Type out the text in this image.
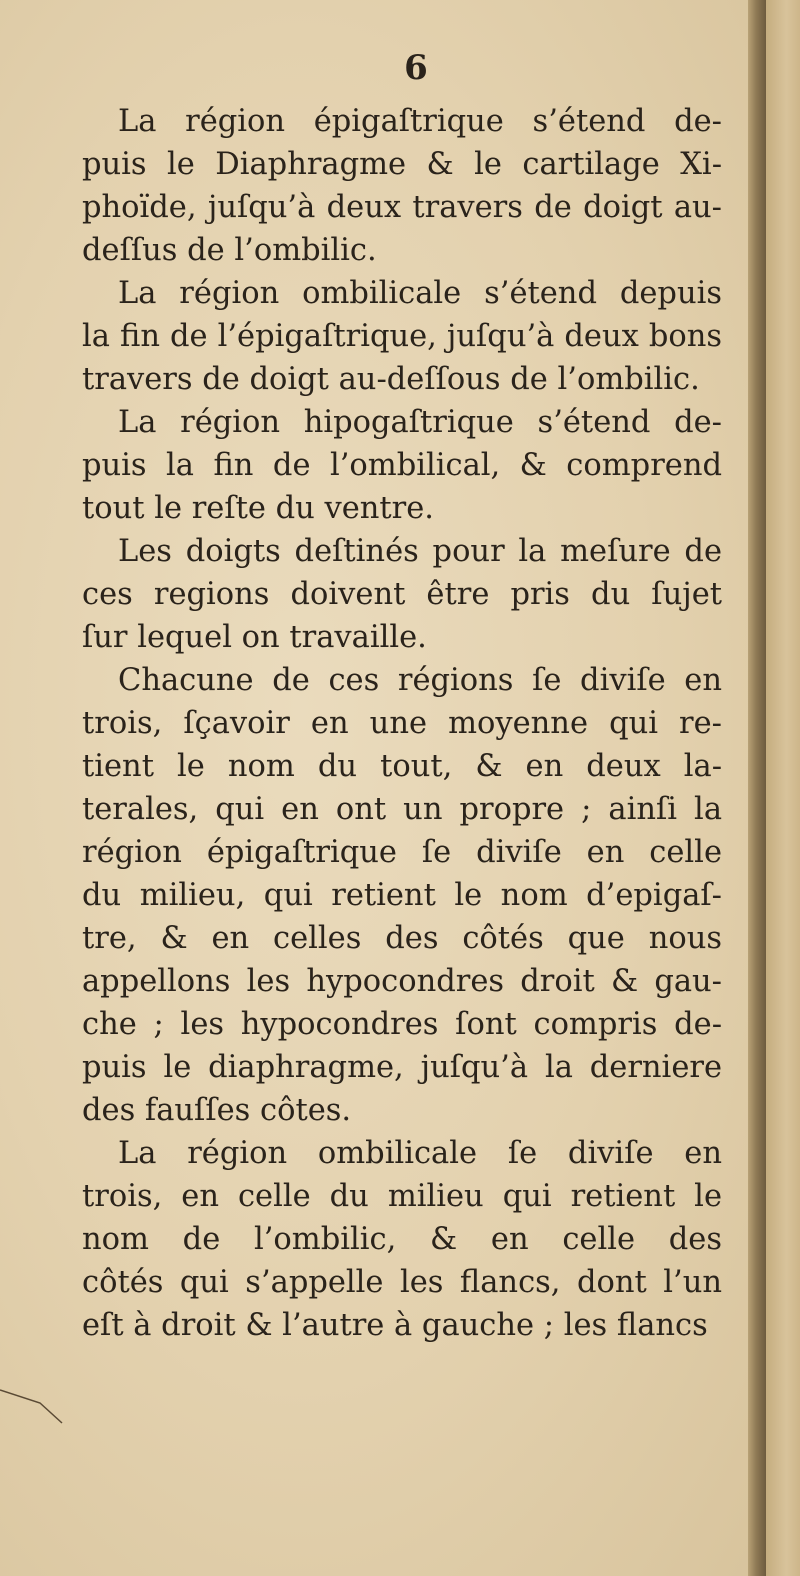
6
La région épigaſtrique s’étend de-
puis le Diaphragme & le cartilage Xi-
phoïde, juſqu’à deux travers de doigt au-
deſſus de l’ombilic.
La région ombilicale s’étend depuis
la fin de l’épigaſtrique, juſqu’à deux bons
travers de doigt au-deſſous de l’ombilic.
La région hipogaſtrique s’étend de-
puis la fin de l’ombilical, & comprend
tout le reſte du ventre.
Les doigts deſtinés pour la meſure de
ces regions doivent être pris du ſujet
ſur lequel on travaille.
Chacune de ces régions ſe diviſe en
trois, ſçavoir en une moyenne qui re-
tient le nom du tout, & en deux la-
terales, qui en ont un propre ; ainſi la
région épigaſtrique ſe diviſe en celle
du milieu, qui retient le nom d’epigaſ-
tre, & en celles des côtés que nous
appellons les hypocondres droit & gau-
che ; les hypocondres ſont compris de-
puis le diaphragme, juſqu’à la derniere
des fauſſes côtes.
La région ombilicale ſe diviſe en
trois, en celle du milieu qui retient le
nom de l’ombilic, & en celle des
côtés qui s’appelle les flancs, dont l’un
eſt à droit & l’autre à gauche ; les flancs
